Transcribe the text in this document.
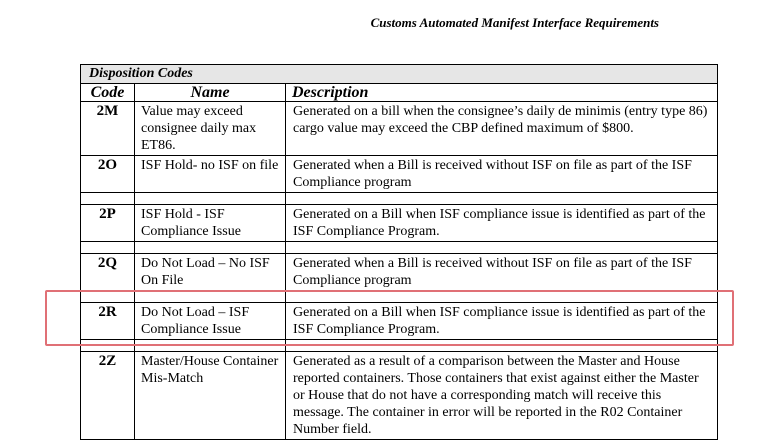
Customs Automated Manifest Interface Requirements
Disposition Codes		
Code	Name	Description
2M	Value may exceed consignee daily max ET86.	Generated on a bill when the consignee’s daily de minimis (entry type 86) cargo value may exceed the CBP defined maximum of $800.
2O	ISF Hold- no ISF on file	Generated when a Bill is received without ISF on file as part of the ISF Compliance program

2P	ISF Hold - ISF Compliance Issue	Generated on a Bill when ISF compliance issue is identified as part of the ISF Compliance Program.

2Q	Do Not Load – No ISF On File	Generated when a Bill is received without ISF on file as part of the ISF Compliance program

2R	Do Not Load – ISF Compliance Issue	Generated on a Bill when ISF compliance issue is identified as part of the ISF Compliance Program.

2Z	Master/House Container Mis-Match	Generated as a result of a comparison between the Master and House reported containers. Those containers that exist against either the Master or House that do not have a corresponding match will receive this message. The container in error will be reported in the R02 Container Number field.
